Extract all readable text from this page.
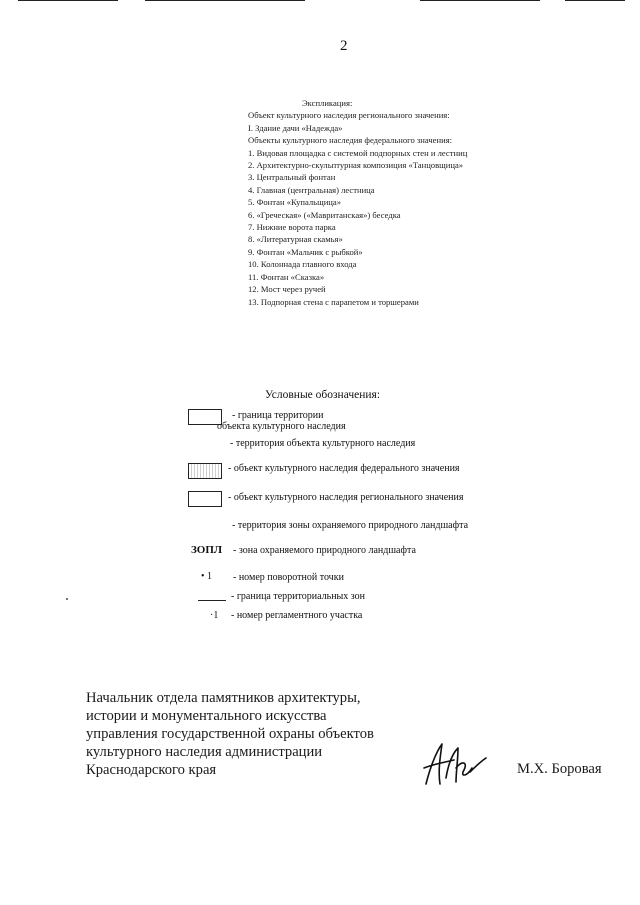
2
Экспликация:
Объект культурного наследия регионального значения:
I. Здание дачи «Надежда»
Объекты культурного наследия федерального значения:
1. Видовая площадка с системой подпорных стен и лестниц
2. Архитектурно-скульптурная композиция «Танцовщица»
3. Центральный фонтан
4. Главная (центральная) лестница
5. Фонтан «Купальщица»
6. «Греческая» («Мавританская») беседка
7. Нижние ворота парка
8. «Литературная скамья»
9. Фонтан «Мальчик с рыбкой»
10. Колоннада главного входа
11. Фонтан «Сказка»
12. Мост через ручей
13. Подпорная стена с парапетом и торшерами
Условные обозначения:
- граница территории
объекта культурного наследия
- территория объекта культурного наследия
- объект культурного наследия федерального значения
- объект культурного наследия регионального значения
- территория зоны охраняемого природного ландшафта
ЗОПЛ - зона охраняемого природного ландшафта
• 1 - номер поворотной точки
- граница территориальных зон
·1 - номер регламентного участка
Начальник отдела памятников архитектуры,
истории и монументального искусства
управления государственной охраны объектов
культурного наследия администрации
Краснодарского края	М.Х. Боровая
